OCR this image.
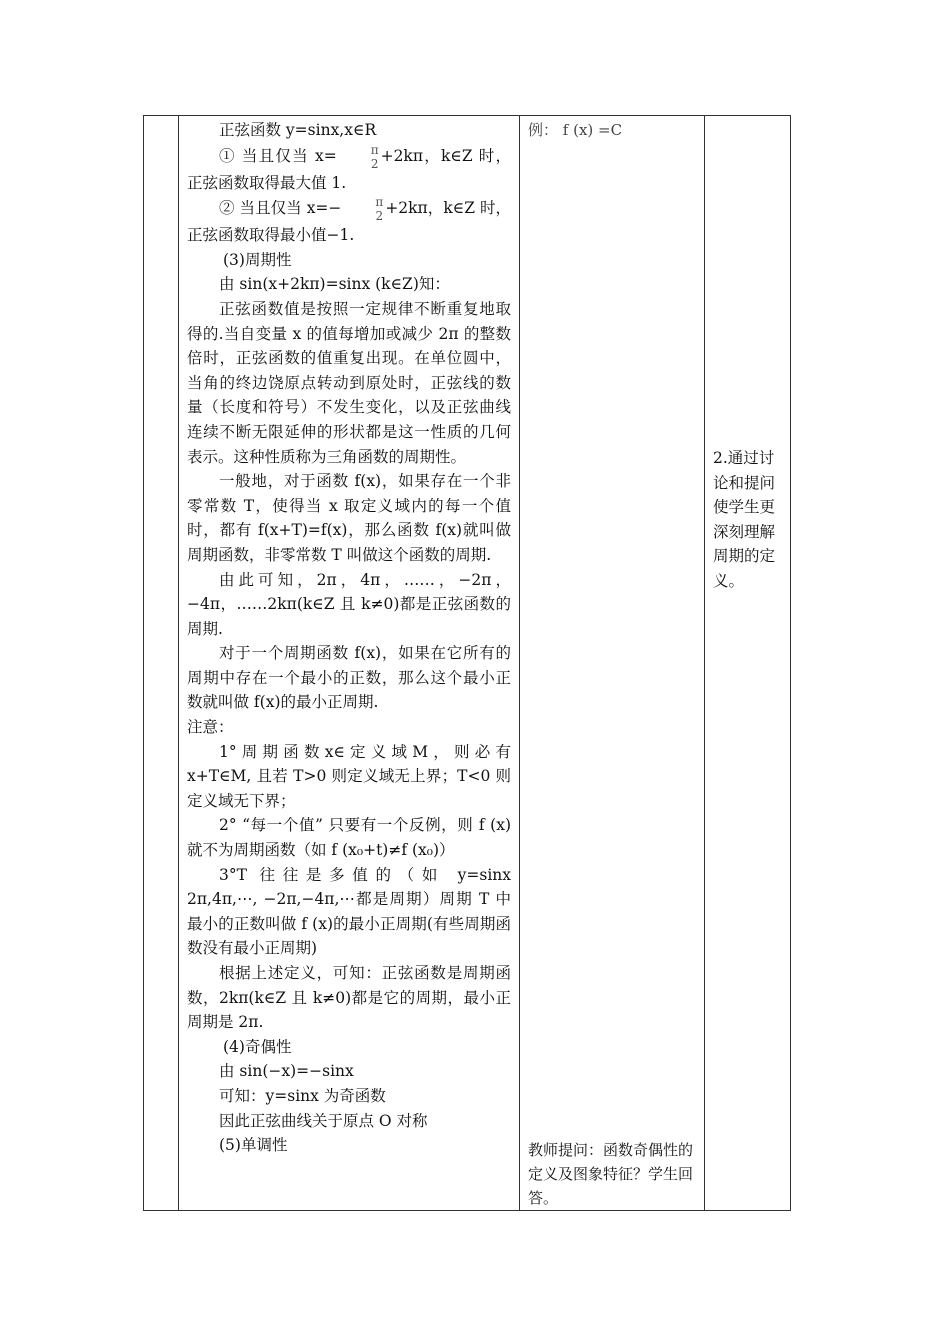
正弦函数 y=sinx,x∈R

① 当且仅当 x=	π
2 +2kπ，k∈Z 时，正弦函数取得最大值 1.

② 当且仅当 x=−	π
2 +2kπ，k∈Z 时，正弦函数取得最小值−1.

(3)周期性

由 sin(x+2kπ)=sinx (k∈Z)知：

正弦函数值是按照一定规律不断重复地取得的.当自变量 x 的值每增加或减少 2π 的整数倍时，正弦函数的值重复出现。在单位圆中，当角的终边饶原点转动到原处时，正弦线的数量（长度和符号）不发生变化，以及正弦曲线连续不断无限延伸的形状都是这一性质的几何表示。这种性质称为三角函数的周期性。

一般地，对于函数 f(x)，如果存在一个非零常数 T，使得当 x 取定义域内的每一个值时，都有 f(x+T)=f(x)，那么函数 f(x)就叫做周期函数，非零常数 T 叫做这个函数的周期.

由此可知，2π，4π，……，−2π，−4π，……2kπ(k∈Z 且 k≠0)都是正弦函数的周期.

对于一个周期函数 f(x)，如果在它所有的周期中存在一个最小的正数，那么这个最小正数就叫做 f(x)的最小正周期.

注意：

1° 周 期 函 数 x∈ 定 义 域 M ， 则 必 有 x+T∈M, 且若 T>0 则定义域无上界；T<0 则定义域无下界；

2° “每一个值” 只要有一个反例，则 f (x)就不为周期函数（如 f (x₀+t)≠f (x₀)）

3°T 往往是多值的（如 y=sinx　2π,4π,⋯, −2π,−4π,⋯都是周期）周期 T 中最小的正数叫做 f (x)的最小正周期(有些周期函数没有最小正周期)

根据上述定义，可知：正弦函数是周期函数，2kπ(k∈Z 且 k≠0)都是它的周期，最小正周期是 2π.

(4)奇偶性

由 sin(−x)=−sinx

可知：y=sinx 为奇函数

因此正弦曲线关于原点 O 对称

(5)单调性

例： f (x) =C
教师提问：函数奇偶性的定义及图象特征？学生回答。

2.通过讨论和提问使学生更深刻理解周期的定义。
